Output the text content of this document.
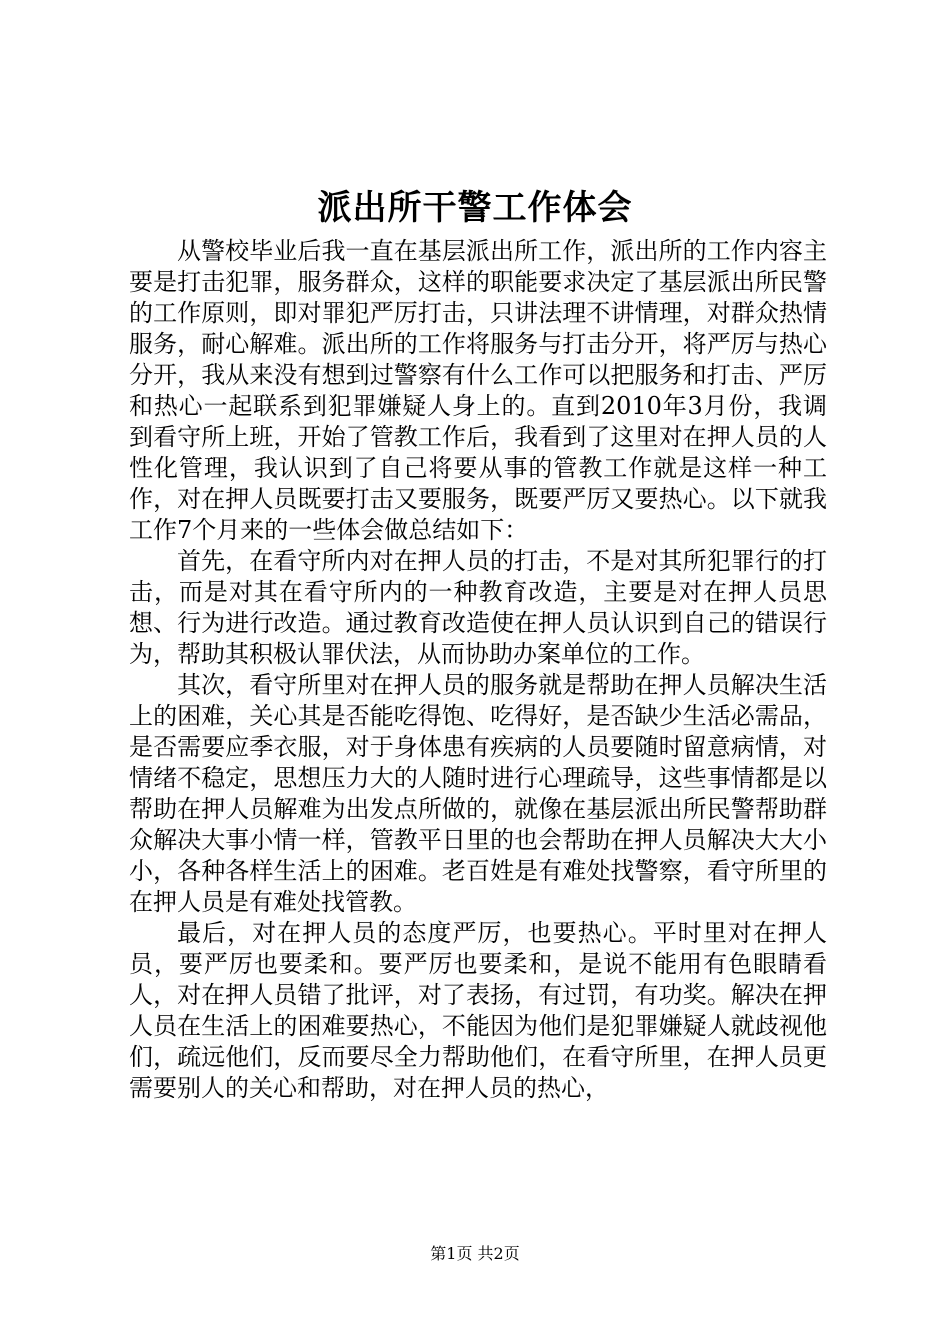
派出所干警工作体会

从警校毕业后我一直在基层派出所工作，派出所的工作内容主要是打击犯罪，服务群众，这样的职能要求决定了基层派出所民警的工作原则，即对罪犯严厉打击，只讲法理不讲情理，对群众热情服务，耐心解难。派出所的工作将服务与打击分开，将严厉与热心分开，我从来没有想到过警察有什么工作可以把服务和打击、严厉和热心一起联系到犯罪嫌疑人身上的。直到2010年3月份，我调到看守所上班，开始了管教工作后，我看到了这里对在押人员的人性化管理，我认识到了自己将要从事的管教工作就是这样一种工作，对在押人员既要打击又要服务，既要严厉又要热心。以下就我工作7个月来的一些体会做总结如下：

首先，在看守所内对在押人员的打击，不是对其所犯罪行的打击，而是对其在看守所内的一种教育改造，主要是对在押人员思想、行为进行改造。通过教育改造使在押人员认识到自己的错误行为，帮助其积极认罪伏法，从而协助办案单位的工作。

其次，看守所里对在押人员的服务就是帮助在押人员解决生活上的困难，关心其是否能吃得饱、吃得好，是否缺少生活必需品，是否需要应季衣服，对于身体患有疾病的人员要随时留意病情，对情绪不稳定，思想压力大的人随时进行心理疏导，这些事情都是以帮助在押人员解难为出发点所做的，就像在基层派出所民警帮助群众解决大事小情一样，管教平日里的也会帮助在押人员解决大大小小，各种各样生活上的困难。老百姓是有难处找警察，看守所里的在押人员是有难处找管教。

最后，对在押人员的态度严厉，也要热心。平时里对在押人员，要严厉也要柔和。要严厉也要柔和，是说不能用有色眼睛看人，对在押人员错了批评，对了表扬，有过罚，有功奖。解决在押人员在生活上的困难要热心，不能因为他们是犯罪嫌疑人就歧视他们，疏远他们，反而要尽全力帮助他们，在看守所里，在押人员更需要别人的关心和帮助，对在押人员的热心，

第1页 共2页
